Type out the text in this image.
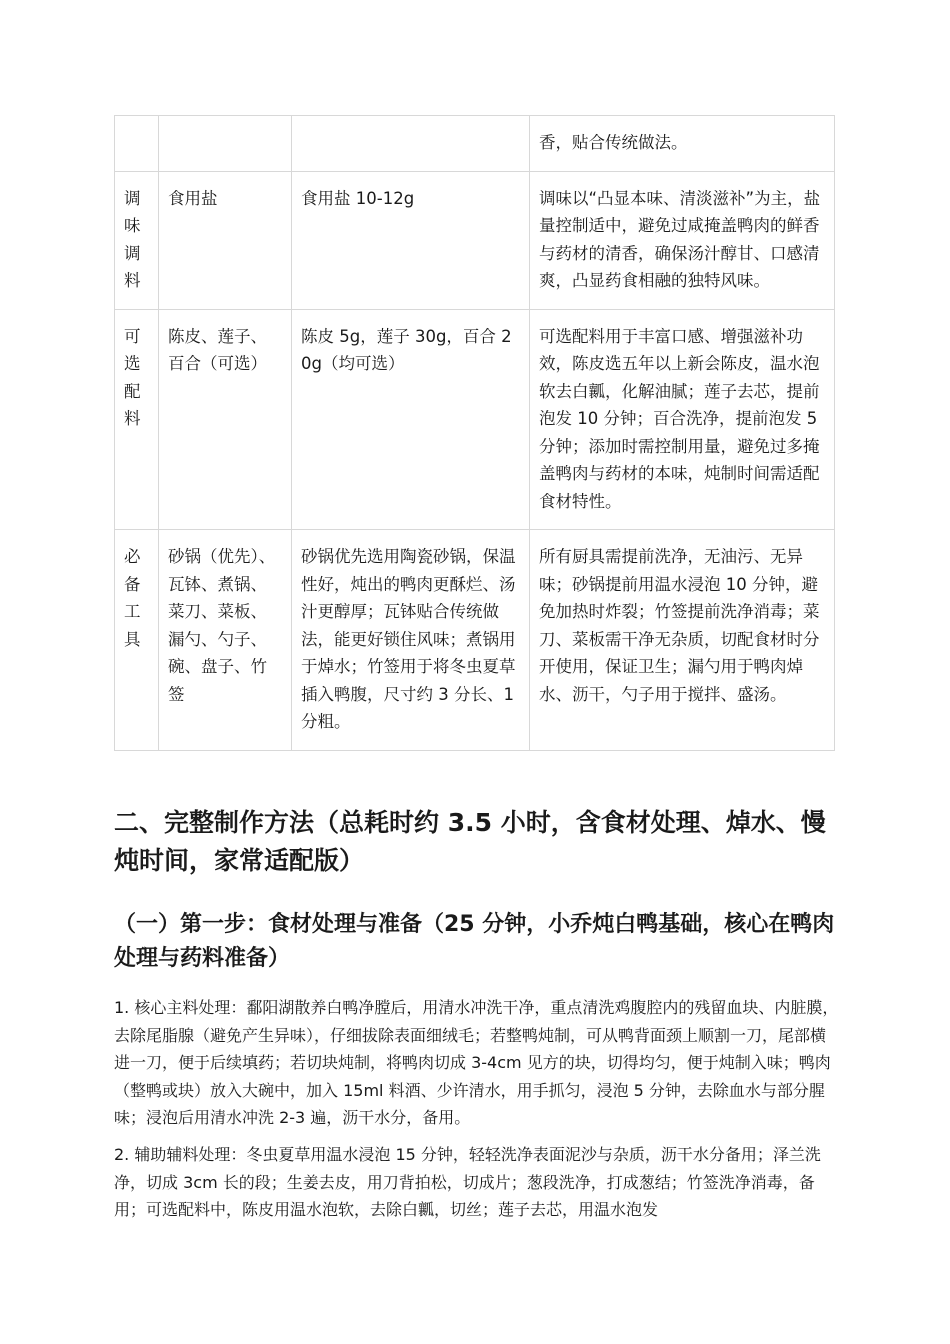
			香，贴合传统做法。
调味调料	食用盐	食用盐 10-12g	调味以“凸显本味、清淡滋补”为主，盐量控制适中，避免过咸掩盖鸭肉的鲜香与药材的清香，确保汤汁醇甘、口感清爽，凸显药食相融的独特风味。
可选配料	陈皮、莲子、百合（可选）	陈皮 5g，莲子 30g，百合 20g（均可选）	可选配料用于丰富口感、增强滋补功效，陈皮选五年以上新会陈皮，温水泡软去白瓤，化解油腻；莲子去芯，提前泡发 10 分钟；百合洗净，提前泡发 5 分钟；添加时需控制用量，避免过多掩盖鸭肉与药材的本味，炖制时间需适配食材特性。
必备工具	砂锅（优先）、瓦钵、煮锅、菜刀、菜板、漏勺、勺子、碗、盘子、竹签	砂锅优先选用陶瓷砂锅，保温性好，炖出的鸭肉更酥烂、汤汁更醇厚；瓦钵贴合传统做法，能更好锁住风味；煮锅用于焯水；竹签用于将冬虫夏草插入鸭腹，尺寸约 3 分长、1 分粗。	所有厨具需提前洗净，无油污、无异味；砂锅提前用温水浸泡 10 分钟，避免加热时炸裂；竹签提前洗净消毒；菜刀、菜板需干净无杂质，切配食材时分开使用，保证卫生；漏勺用于鸭肉焯水、沥干，勺子用于搅拌、盛汤。
二、完整制作方法（总耗时约 3.5 小时，含食材处理、焯水、慢炖时间，家常适配版）
（一）第一步：食材处理与准备（25 分钟，小乔炖白鸭基础，核心在鸭肉处理与药料准备）

1. 核心主料处理：鄱阳湖散养白鸭净膛后，用清水冲洗干净，重点清洗鸡腹腔内的残留血块、内脏膜，去除尾脂腺（避免产生异味），仔细拔除表面细绒毛；若整鸭炖制，可从鸭背面颈上顺割一刀，尾部横进一刀，便于后续填药；若切块炖制，将鸭肉切成 3-4cm 见方的块，切得均匀，便于炖制入味；鸭肉（整鸭或块）放入大碗中，加入 15ml 料酒、少许清水，用手抓匀，浸泡 5 分钟，去除血水与部分腥味；浸泡后用清水冲洗 2-3 遍，沥干水分，备用。

2. 辅助辅料处理：冬虫夏草用温水浸泡 15 分钟，轻轻洗净表面泥沙与杂质，沥干水分备用；泽兰洗净，切成 3cm 长的段；生姜去皮，用刀背拍松，切成片；葱段洗净，打成葱结；竹签洗净消毒，备用；可选配料中，陈皮用温水泡软，去除白瓤，切丝；莲子去芯，用温水泡发
